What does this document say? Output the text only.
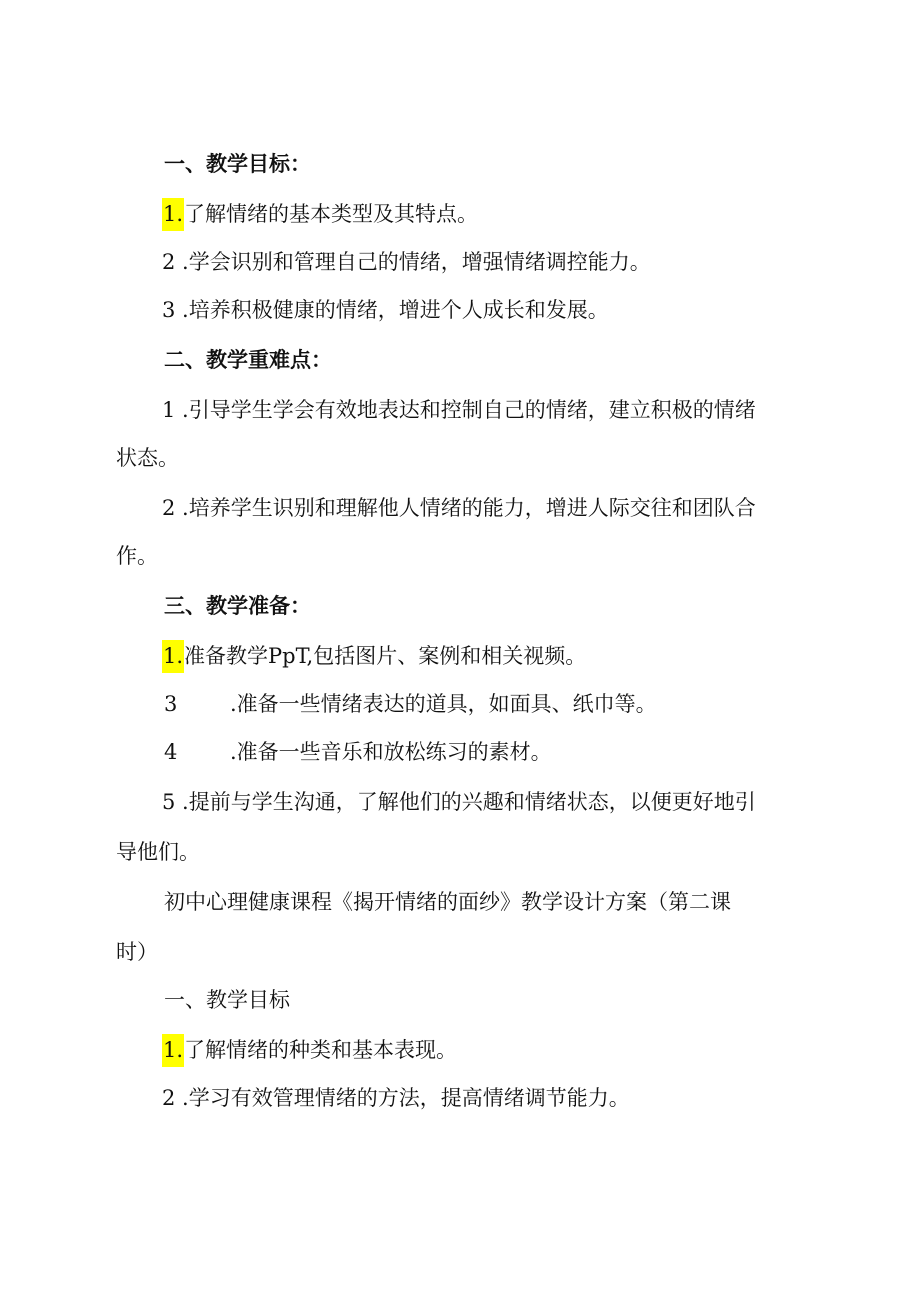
一、教学目标：
1.了解情绪的基本类型及其特点。
2 .学会识别和管理自己的情绪，增强情绪调控能力。
3 .培养积极健康的情绪，增进个人成长和发展。
二、教学重难点：
1 .引导学生学会有效地表达和控制自己的情绪，建立积极的情绪
状态。
2 .培养学生识别和理解他人情绪的能力，增进人际交往和团队合
作。
三、教学准备：
1.准备教学PpT,包括图片、案例和相关视频。
3	.准备一些情绪表达的道具，如面具、纸巾等。
4	.准备一些音乐和放松练习的素材。
5 .提前与学生沟通，了解他们的兴趣和情绪状态，以便更好地引
导他们。
初中心理健康课程《揭开情绪的面纱》教学设计方案（第二课
时）
一、教学目标
1.了解情绪的种类和基本表现。
2 .学习有效管理情绪的方法，提高情绪调节能力。
